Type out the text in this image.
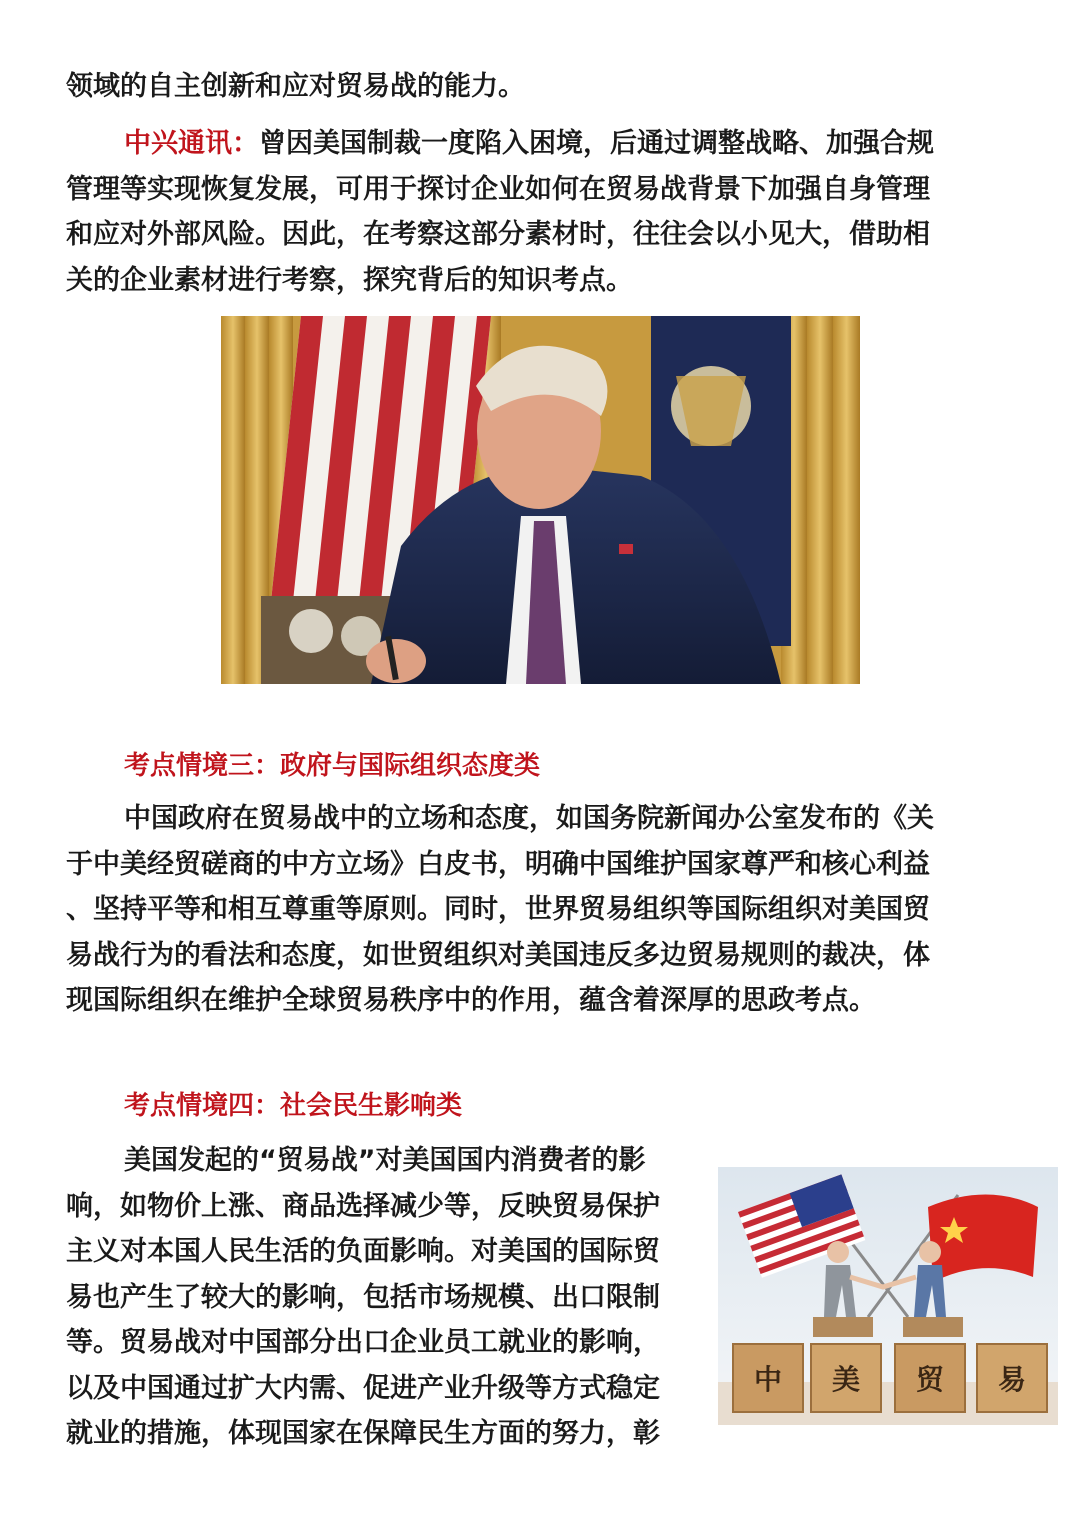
领域的自主创新和应对贸易战的能力。

中兴通讯：曾因美国制裁一度陷入困境，后通过调整战略、加强合规
管理等实现恢复发展，可用于探讨企业如何在贸易战背景下加强自身管理
和应对外部风险。因此，在考察这部分素材时，往往会以小见大，借助相
关的企业素材进行考察，探究背后的知识考点。

考点情境三：政府与国际组织态度类

中国政府在贸易战中的立场和态度，如国务院新闻办公室发布的《关
于中美经贸磋商的中方立场》白皮书，明确中国维护国家尊严和核心利益
、坚持平等和相互尊重等原则。同时，世界贸易组织等国际组织对美国贸
易战行为的看法和态度，如世贸组织对美国违反多边贸易规则的裁决，体
现国际组织在维护全球贸易秩序中的作用，蕴含着深厚的思政考点。

考点情境四：社会民生影响类

美国发起的“贸易战”对美国国内消费者的影
响，如物价上涨、商品选择减少等，反映贸易保护
主义对本国人民生活的负面影响。对美国的国际贸
易也产生了较大的影响，包括市场规模、出口限制
等。贸易战对中国部分出口企业员工就业的影响，
以及中国通过扩大内需、促进产业升级等方式稳定
就业的措施，体现国家在保障民生方面的努力，彰

中	美	贸	易
